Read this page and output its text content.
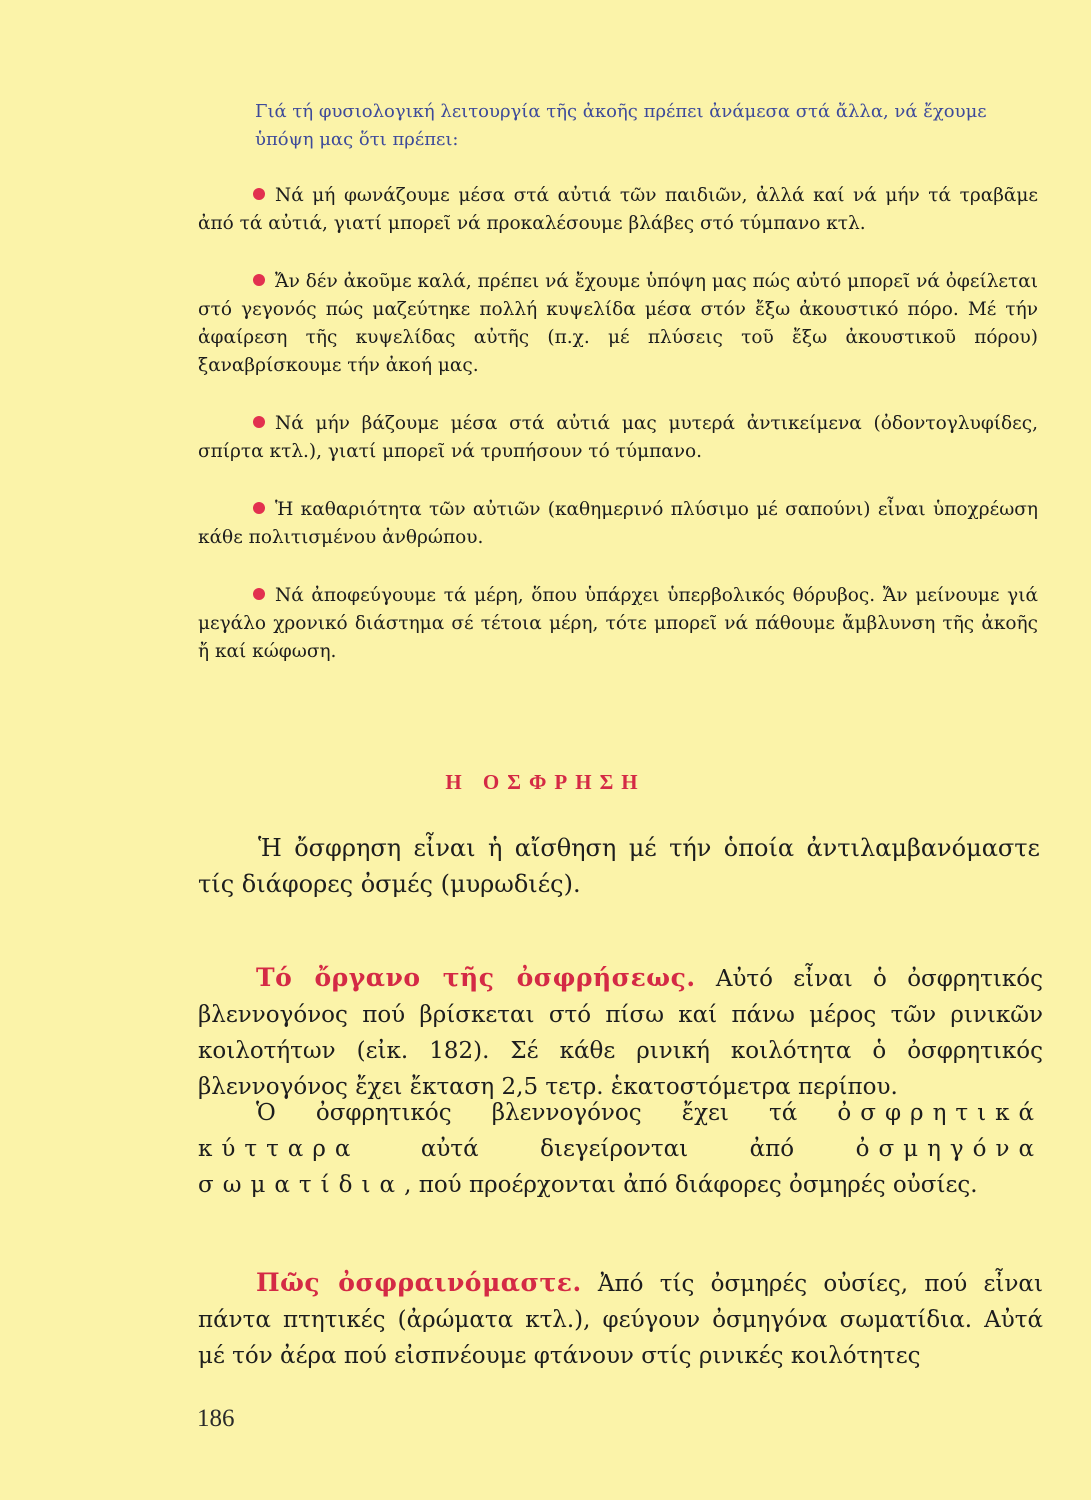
Γιά τή φυσιολογική λειτουργία τῆς ἀκοῆς πρέπει ἀνάμεσα στά ἄλλα, νά ἔχουμε ὑπόψη μας ὅτι πρέπει:
Νά μή φωνάζουμε μέσα στά αὐτιά τῶν παιδιῶν, ἀλλά καί νά μήν τά τραβᾶμε ἀπό τά αὐτιά, γιατί μπορεῖ νά προκαλέσουμε βλάβες στό τύμπανο κτλ.
Ἄν δέν ἀκοῦμε καλά, πρέπει νά ἔχουμε ὑπόψη μας πώς αὐτό μπορεῖ νά ὀφείλεται στό γεγονός πώς μαζεύτηκε πολλή κυψελίδα μέσα στόν ἔξω ἀκουστικό πόρο. Μέ τήν ἀφαίρεση τῆς κυψελίδας αὐτῆς (π.χ. μέ πλύσεις τοῦ ἔξω ἀκουστικοῦ πόρου) ξαναβρίσκουμε τήν ἀκοή μας.
Νά μήν βάζουμε μέσα στά αὐτιά μας μυτερά ἀντικείμενα (ὀδοντογλυφίδες, σπίρτα κτλ.), γιατί μπορεῖ νά τρυπήσουν τό τύμπανο.
Ἡ καθαριότητα τῶν αὐτιῶν (καθημερινό πλύσιμο μέ σαπούνι) εἶναι ὑποχρέωση κάθε πολιτισμένου ἀνθρώπου.
Νά ἀποφεύγουμε τά μέρη, ὅπου ὑπάρχει ὑπερβολικός θόρυβος. Ἄν μείνουμε γιά μεγάλο χρονικό διάστημα σέ τέτοια μέρη, τότε μπορεῖ νά πάθουμε ἄμβλυνση τῆς ἀκοῆς ἤ καί κώφωση.
Η ΟΣΦΡΗΣΗ
Ἡ ὄσφρηση εἶναι ἡ αἴσθηση μέ τήν ὁποία ἀντιλαμβανόμαστε τίς διάφορες ὀσμές (μυρωδιές).
Τό ὄργανο τῆς ὀσφρήσεως. Αὐτό εἶναι ὁ ὀσφρητικός βλεννογόνος πού βρίσκεται στό πίσω καί πάνω μέρος τῶν ρινικῶν κοιλοτήτων (εἰκ. 182). Σέ κάθε ρινική κοιλότητα ὁ ὀσφρητικός βλεννογόνος ἔχει ἔκταση 2,5 τετρ. ἑκατοστόμετρα περίπου.
Ὁ ὀσφρητικός βλεννογόνος ἔχει τά ὀσφρητικά κύτταρα αὐτά διεγείρονται ἀπό ὀσμηγόνα σωματίδια, πού προέρχονται ἀπό διάφορες ὀσμηρές οὐσίες.
Πῶς ὀσφραινόμαστε. Ἀπό τίς ὀσμηρές οὐσίες, πού εἶναι πάντα πτητικές (ἀρώματα κτλ.), φεύγουν ὀσμηγόνα σωματίδια. Αὐτά μέ τόν ἀέρα πού εἰσπνέουμε φτάνουν στίς ρινικές κοιλότητες
186
